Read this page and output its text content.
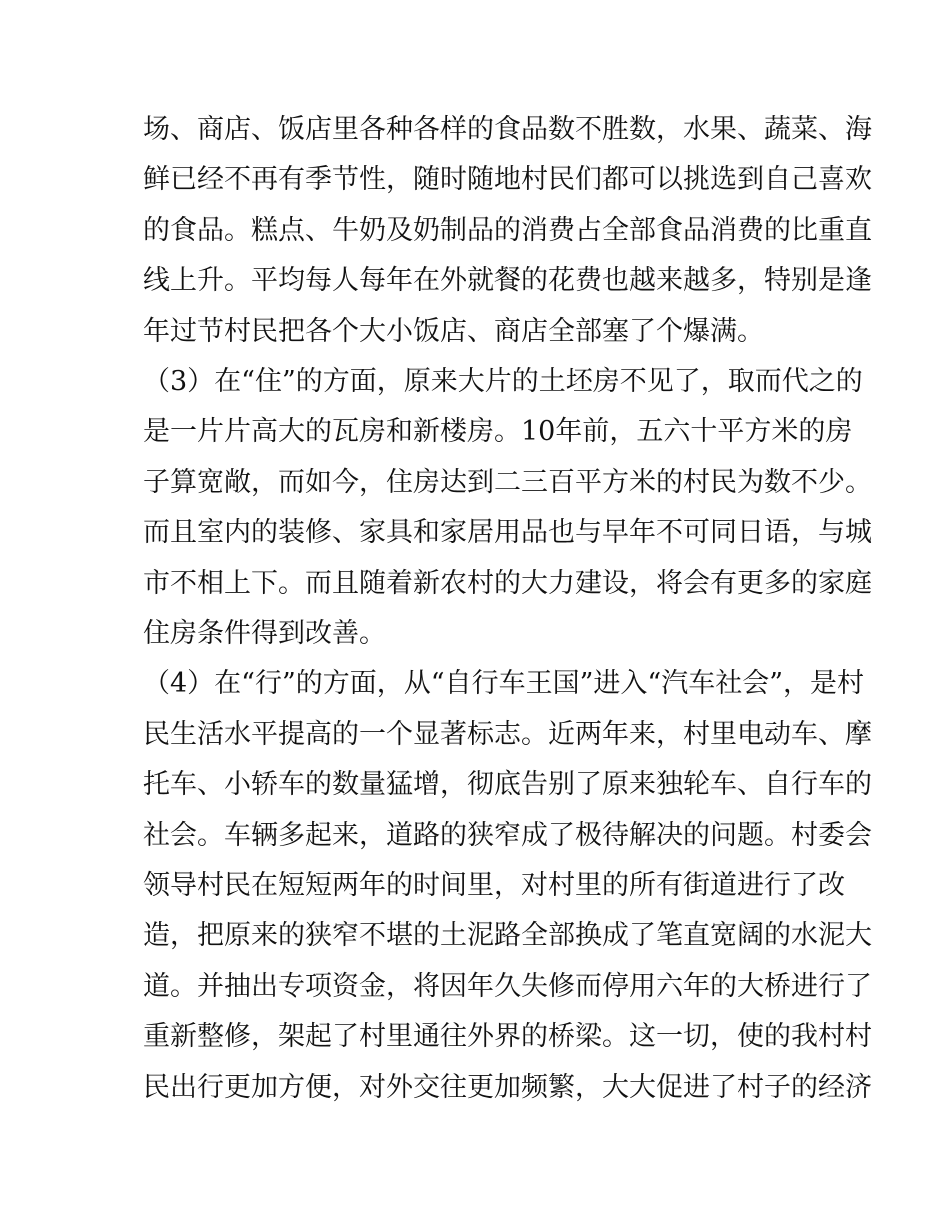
场、商店、饭店里各种各样的食品数不胜数，水果、蔬菜、海
鲜已经不再有季节性，随时随地村民们都可以挑选到自己喜欢
的食品。糕点、牛奶及奶制品的消费占全部食品消费的比重直
线上升。平均每人每年在外就餐的花费也越来越多，特别是逢
年过节村民把各个大小饭店、商店全部塞了个爆满。
（3）在“住”的方面，原来大片的土坯房不见了，取而代之的
是一片片高大的瓦房和新楼房。10年前，五六十平方米的房
子算宽敞，而如今，住房达到二三百平方米的村民为数不少。
而且室内的装修、家具和家居用品也与早年不可同日语，与城
市不相上下。而且随着新农村的大力建设，将会有更多的家庭
住房条件得到改善。
（4）在“行”的方面，从“自行车王国”进入“汽车社会”，是村
民生活水平提高的一个显著标志。近两年来，村里电动车、摩
托车、小轿车的数量猛增，彻底告别了原来独轮车、自行车的
社会。车辆多起来，道路的狭窄成了极待解决的问题。村委会
领导村民在短短两年的时间里，对村里的所有街道进行了改
造，把原来的狭窄不堪的土泥路全部换成了笔直宽阔的水泥大
道。并抽出专项资金，将因年久失修而停用六年的大桥进行了
重新整修，架起了村里通往外界的桥梁。这一切，使的我村村
民出行更加方便，对外交往更加频繁，大大促进了村子的经济
